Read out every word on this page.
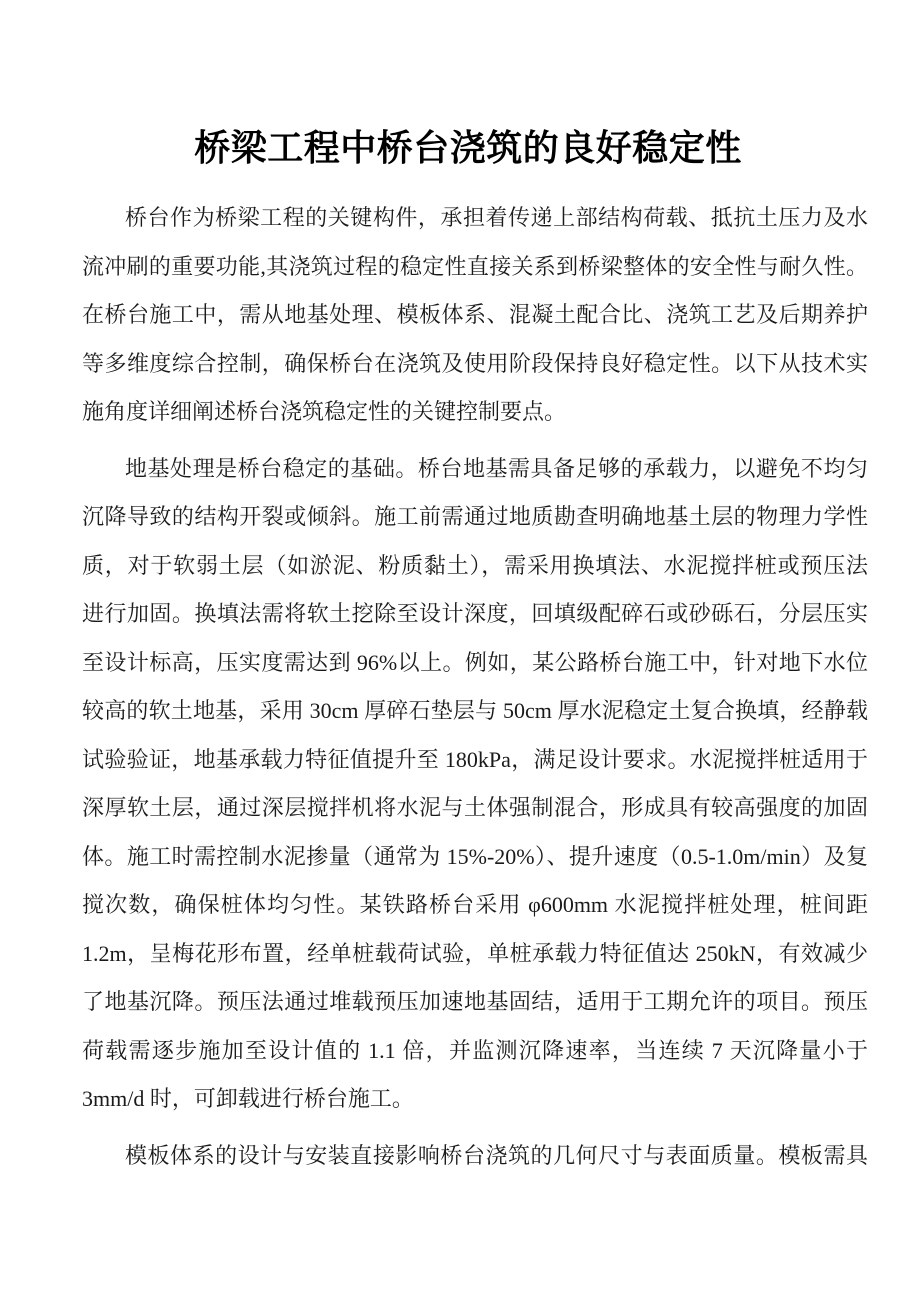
桥梁工程中桥台浇筑的良好稳定性
桥台作为桥梁工程的关键构件，承担着传递上部结构荷载、抵抗土压力及水
流冲刷的重要功能,其浇筑过程的稳定性直接关系到桥梁整体的安全性与耐久性。
在桥台施工中，需从地基处理、模板体系、混凝土配合比、浇筑工艺及后期养护
等多维度综合控制，确保桥台在浇筑及使用阶段保持良好稳定性。以下从技术实
施角度详细阐述桥台浇筑稳定性的关键控制要点。
地基处理是桥台稳定的基础。桥台地基需具备足够的承载力，以避免不均匀
沉降导致的结构开裂或倾斜。施工前需通过地质勘查明确地基土层的物理力学性
质，对于软弱土层（如淤泥、粉质黏土），需采用换填法、水泥搅拌桩或预压法
进行加固。换填法需将软土挖除至设计深度，回填级配碎石或砂砾石，分层压实
至设计标高，压实度需达到 96%以上。例如，某公路桥台施工中，针对地下水位
较高的软土地基，采用 30cm 厚碎石垫层与 50cm 厚水泥稳定土复合换填，经静载
试验验证，地基承载力特征值提升至 180kPa，满足设计要求。水泥搅拌桩适用于
深厚软土层，通过深层搅拌机将水泥与土体强制混合，形成具有较高强度的加固
体。施工时需控制水泥掺量（通常为 15%-20%）、提升速度（0.5-1.0m/min）及复
搅次数，确保桩体均匀性。某铁路桥台采用 φ600mm 水泥搅拌桩处理，桩间距
1.2m，呈梅花形布置，经单桩载荷试验，单桩承载力特征值达 250kN，有效减少
了地基沉降。预压法通过堆载预压加速地基固结，适用于工期允许的项目。预压
荷载需逐步施加至设计值的 1.1 倍，并监测沉降速率，当连续 7 天沉降量小于
3mm/d 时，可卸载进行桥台施工。
模板体系的设计与安装直接影响桥台浇筑的几何尺寸与表面质量。模板需具
